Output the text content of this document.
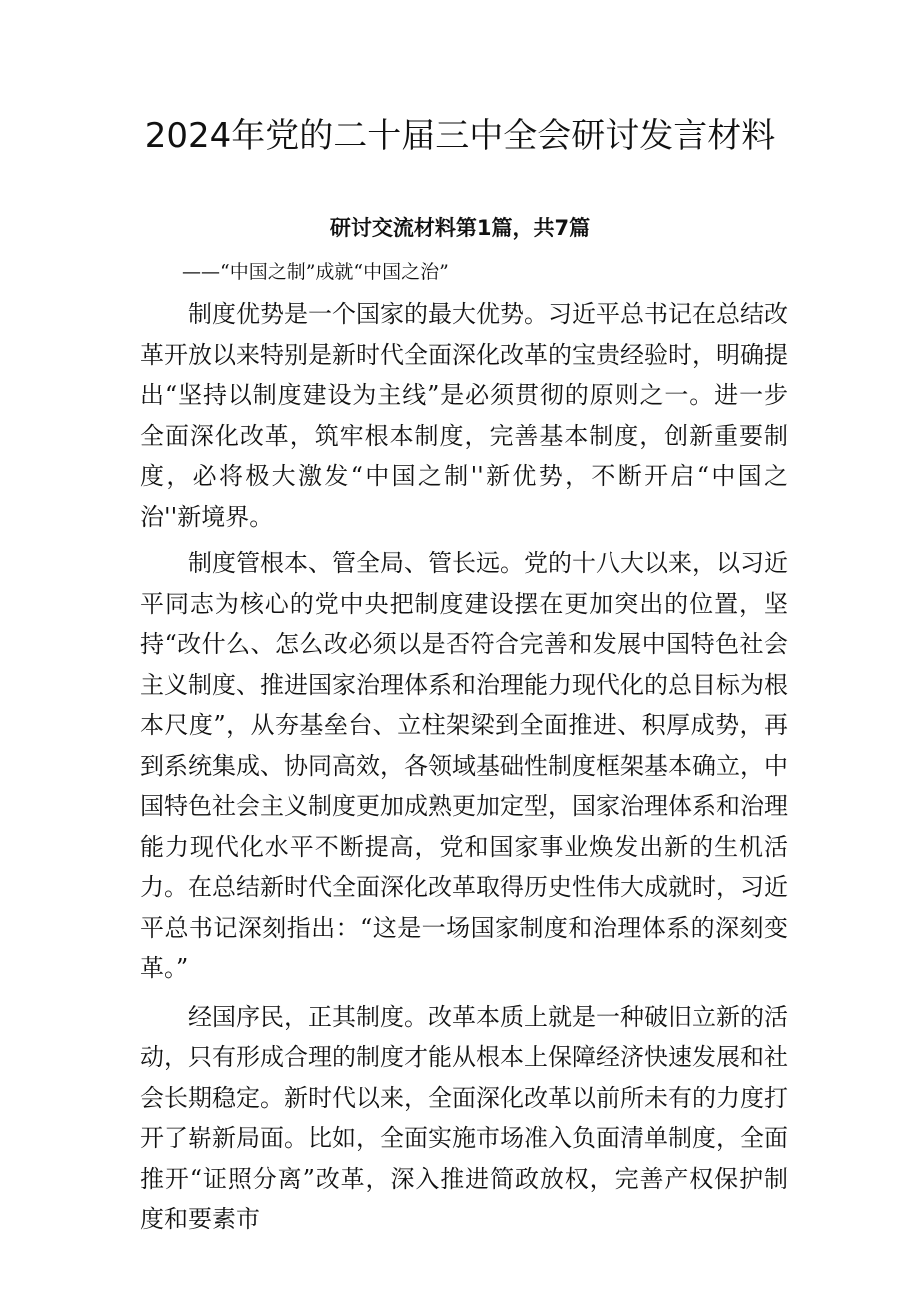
2024年党的二十届三中全会研讨发言材料
研讨交流材料第1篇，共7篇

——“中国之制”成就“中国之治”

制度优势是一个国家的最大优势。习近平总书记在总结改革开放以来特别是新时代全面深化改革的宝贵经验时，明确提出“坚持以制度建设为主线”是必须贯彻的原则之一。进一步全面深化改革，筑牢根本制度，完善基本制度，创新重要制度，必将极大激发“中国之制''新优势，不断开启“中国之治''新境界。

制度管根本、管全局、管长远。党的十八大以来，以习近平同志为核心的党中央把制度建设摆在更加突出的位置，坚持“改什么、怎么改必须以是否符合完善和发展中国特色社会主义制度、推进国家治理体系和治理能力现代化的总目标为根本尺度”，从夯基垒台、立柱架梁到全面推进、积厚成势，再到系统集成、协同高效，各领域基础性制度框架基本确立，中国特色社会主义制度更加成熟更加定型，国家治理体系和治理能力现代化水平不断提高，党和国家事业焕发出新的生机活力。在总结新时代全面深化改革取得历史性伟大成就时，习近平总书记深刻指出：“这是一场国家制度和治理体系的深刻变革。”

经国序民，正其制度。改革本质上就是一种破旧立新的活动，只有形成合理的制度才能从根本上保障经济快速发展和社会长期稳定。新时代以来，全面深化改革以前所未有的力度打开了崭新局面。比如，全面实施市场准入负面清单制度，全面推开“证照分离”改革，深入推进简政放权，完善产权保护制度和要素市
